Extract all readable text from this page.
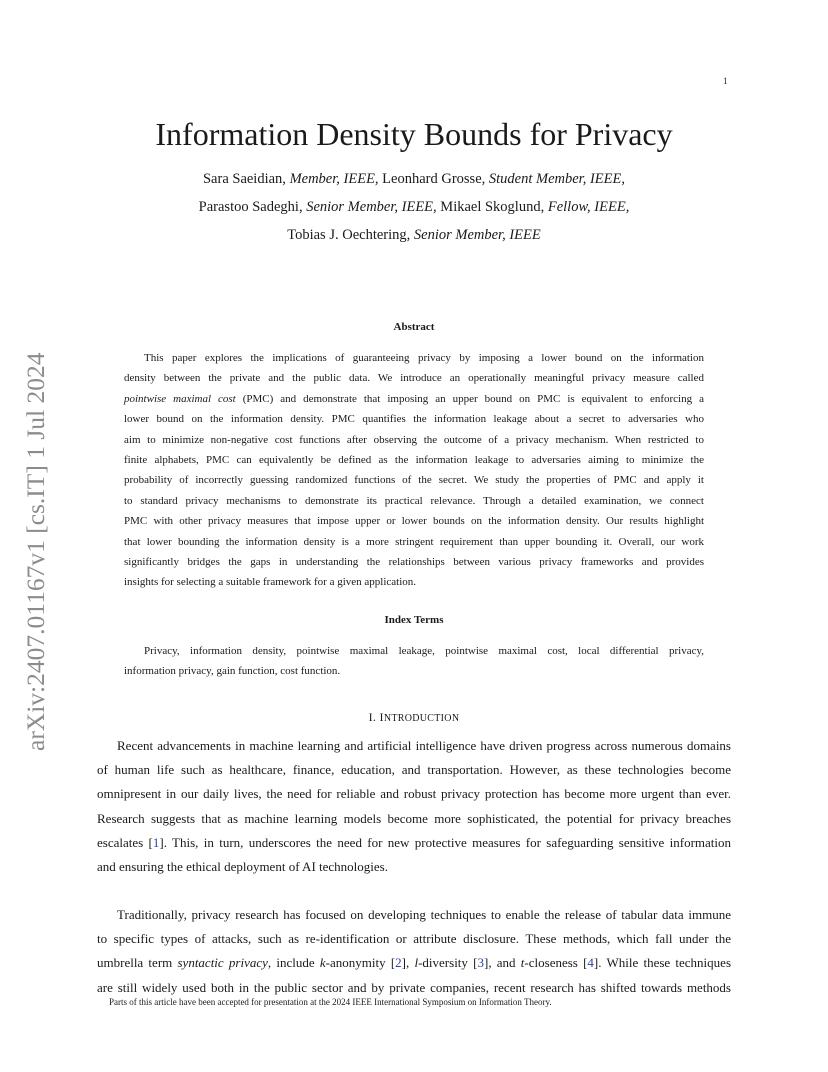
1
arXiv:2407.01167v1 [cs.IT] 1 Jul 2024
Information Density Bounds for Privacy
Sara Saeidian, Member, IEEE, Leonhard Grosse, Student Member, IEEE,
Parastoo Sadeghi, Senior Member, IEEE, Mikael Skoglund, Fellow, IEEE,
Tobias J. Oechtering, Senior Member, IEEE
Abstract
This paper explores the implications of guaranteeing privacy by imposing a lower bound on the information
density between the private and the public data. We introduce an operationally meaningful privacy measure called
pointwise maximal cost (PMC) and demonstrate that imposing an upper bound on PMC is equivalent to enforcing a
lower bound on the information density. PMC quantifies the information leakage about a secret to adversaries who
aim to minimize non-negative cost functions after observing the outcome of a privacy mechanism. When restricted to
finite alphabets, PMC can equivalently be defined as the information leakage to adversaries aiming to minimize the
probability of incorrectly guessing randomized functions of the secret. We study the properties of PMC and apply it
to standard privacy mechanisms to demonstrate its practical relevance. Through a detailed examination, we connect
PMC with other privacy measures that impose upper or lower bounds on the information density. Our results highlight
that lower bounding the information density is a more stringent requirement than upper bounding it. Overall, our work
significantly bridges the gaps in understanding the relationships between various privacy frameworks and provides
insights for selecting a suitable framework for a given application.
Index Terms
Privacy, information density, pointwise maximal leakage, pointwise maximal cost, local differential privacy,
information privacy, gain function, cost function.
I. INTRODUCTION
Recent advancements in machine learning and artificial intelligence have driven progress across numerous domains
of human life such as healthcare, finance, education, and transportation. However, as these technologies become
omnipresent in our daily lives, the need for reliable and robust privacy protection has become more urgent than ever.
Research suggests that as machine learning models become more sophisticated, the potential for privacy breaches
escalates [1]. This, in turn, underscores the need for new protective measures for safeguarding sensitive information
and ensuring the ethical deployment of AI technologies.
Traditionally, privacy research has focused on developing techniques to enable the release of tabular data immune
to specific types of attacks, such as re-identification or attribute disclosure. These methods, which fall under the
umbrella term syntactic privacy, include k-anonymity [2], l-diversity [3], and t-closeness [4]. While these techniques
are still widely used both in the public sector and by private companies, recent research has shifted towards methods
Parts of this article have been accepted for presentation at the 2024 IEEE International Symposium on Information Theory.
